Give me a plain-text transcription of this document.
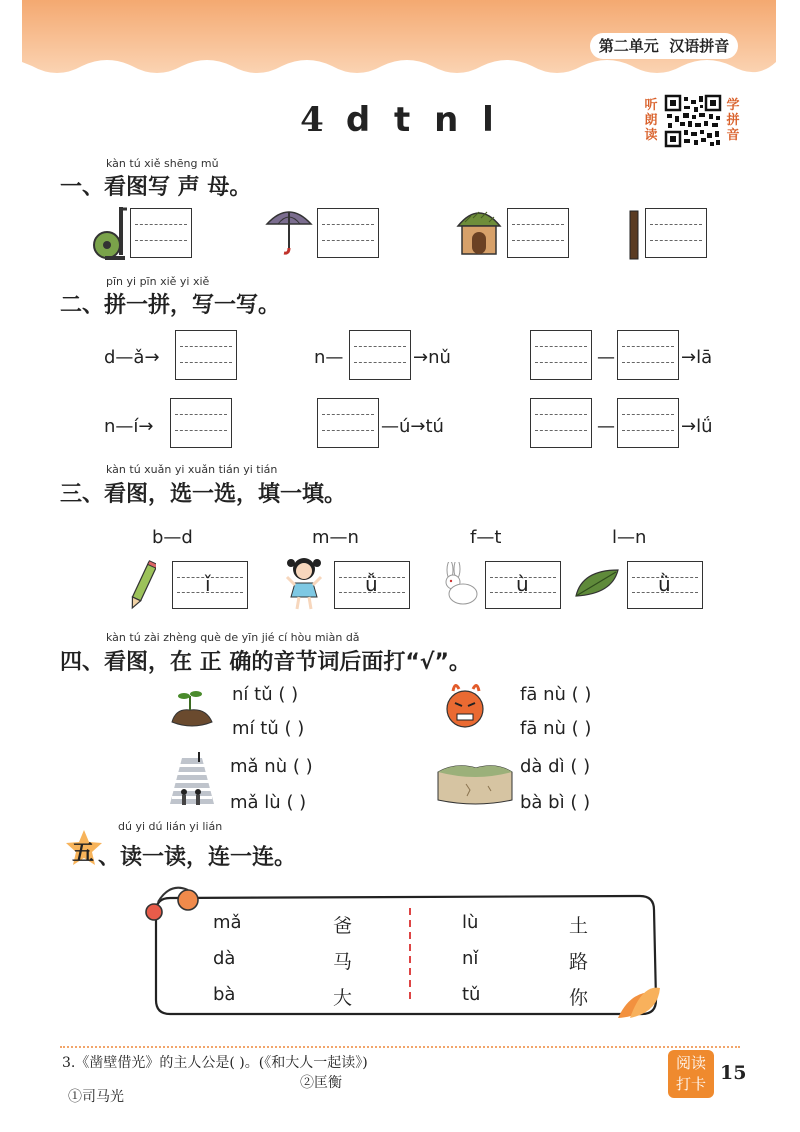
第二单元 汉语拼音
4 d t n l	听朗读
学拼音
kàn tú xiě shēng mǔ
一、看图写 声 母。
pīn yi pīn xiě yi xiě
二、拼一拼，写一写。
d—ǎ→	n—	→nǔ	—	→lā
n—í→	—ú→tú	—	→lǘ
kàn tú xuǎn yi xuǎn tián yi tián
三、看图，选一选，填一填。
b—d	m—n	f—t	l—n
ǐ	ǚ	ù	ǜ
kàn tú zài zhèng què de yīn jié cí hòu miàn dǎ
四、看图，在 正 确的音节词后面打“√”。
ní tǔ ( )
mí tǔ ( )
mǎ nù ( )
mǎ lù ( )
fā nù ( )
fā nù ( )
dà dì ( )
bà bì ( )
dú yi dú lián yi lián
五 、读一读，连一连。
mǎ
dà
bà
爸
马
大
lù
nǐ
tǔ
土
路
你
3.《凿壁借光》的主人公是( )。(《和大人一起读》)
①司马光
②匡衡
阅读
打卡 15
